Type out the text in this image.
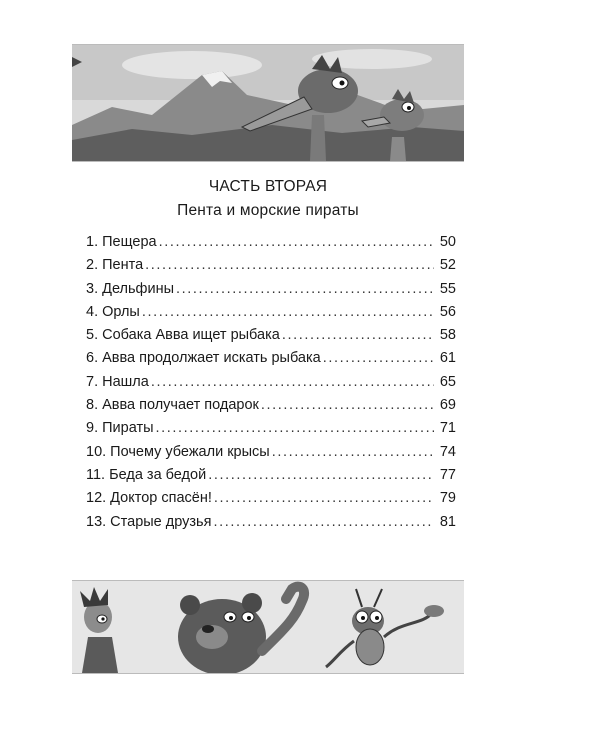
ЧАСТЬ ВТОРАЯ
Пента и морские пираты
1. Пещера .....	50
2. Пента .....	52
3. Дельфины .....	55
4. Орлы .....	56
5. Собака Авва ищет рыбака .....	58
6. Авва продолжает искать рыбака .....	61
7. Нашла .....	65
8. Авва получает подарок .....	69
9. Пираты .....	71
10. Почему убежали крысы .....	74
11. Беда за бедой .....	77
12. Доктор спасён! .....	79
13. Старые друзья .....	81
